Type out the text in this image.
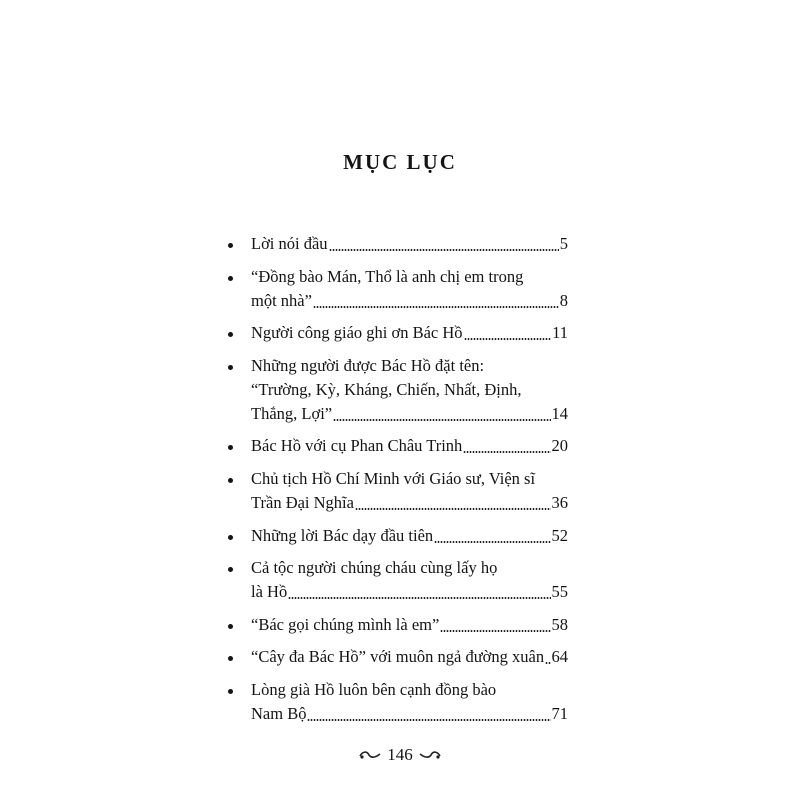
MỤC LỤC
Lời nói đầu	5
“Đồng bào Mán, Thổ là anh chị em trong
một nhà”	8
Người công giáo ghi ơn Bác Hồ	11
Những người được Bác Hồ đặt tên:
“Trường, Kỳ, Kháng, Chiến, Nhất, Định,
Thắng, Lợi”	14
Bác Hồ với cụ Phan Châu Trinh	20
Chủ tịch Hồ Chí Minh với Giáo sư, Viện sĩ
Trần Đại Nghĩa	36
Những lời Bác dạy đầu tiên	52
Cả tộc người chúng cháu cùng lấy họ
là Hồ	55
“Bác gọi chúng mình là em”	58
“Cây đa Bác Hồ” với muôn ngả đường xuân 64
Lòng già Hồ luôn bên cạnh đồng bào
Nam Bộ	71
146
